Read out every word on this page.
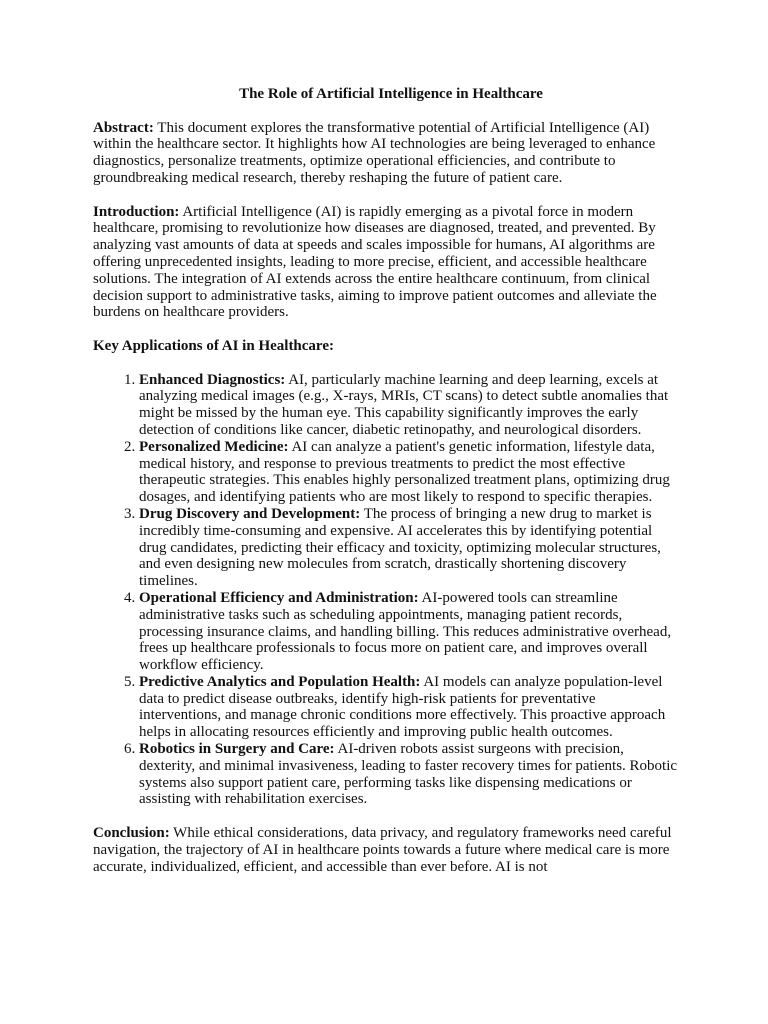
The Role of Artificial Intelligence in Healthcare

Abstract: This document explores the transformative potential of Artificial Intelligence (AI) within the healthcare sector. It highlights how AI technologies are being leveraged to enhance diagnostics, personalize treatments, optimize operational efficiencies, and contribute to groundbreaking medical research, thereby reshaping the future of patient care.

Introduction: Artificial Intelligence (AI) is rapidly emerging as a pivotal force in modern healthcare, promising to revolutionize how diseases are diagnosed, treated, and prevented. By analyzing vast amounts of data at speeds and scales impossible for humans, AI algorithms are offering unprecedented insights, leading to more precise, efficient, and accessible healthcare solutions. The integration of AI extends across the entire healthcare continuum, from clinical decision support to administrative tasks, aiming to improve patient outcomes and alleviate the burdens on healthcare providers.

Key Applications of AI in Healthcare:
1. Enhanced Diagnostics: AI, particularly machine learning and deep learning, excels at analyzing medical images (e.g., X-rays, MRIs, CT scans) to detect subtle anomalies that might be missed by the human eye. This capability significantly improves the early detection of conditions like cancer, diabetic retinopathy, and neurological disorders.
2. Personalized Medicine: AI can analyze a patient's genetic information, lifestyle data, medical history, and response to previous treatments to predict the most effective therapeutic strategies. This enables highly personalized treatment plans, optimizing drug dosages, and identifying patients who are most likely to respond to specific therapies.
3. Drug Discovery and Development: The process of bringing a new drug to market is incredibly time-consuming and expensive. AI accelerates this by identifying potential drug candidates, predicting their efficacy and toxicity, optimizing molecular structures, and even designing new molecules from scratch, drastically shortening discovery timelines.
4. Operational Efficiency and Administration: AI-powered tools can streamline administrative tasks such as scheduling appointments, managing patient records, processing insurance claims, and handling billing. This reduces administrative overhead, frees up healthcare professionals to focus more on patient care, and improves overall workflow efficiency.
5. Predictive Analytics and Population Health: AI models can analyze population-level data to predict disease outbreaks, identify high-risk patients for preventative interventions, and manage chronic conditions more effectively. This proactive approach helps in allocating resources efficiently and improving public health outcomes.
6. Robotics in Surgery and Care: AI-driven robots assist surgeons with precision, dexterity, and minimal invasiveness, leading to faster recovery times for patients. Robotic systems also support patient care, performing tasks like dispensing medications or assisting with rehabilitation exercises.

Conclusion: While ethical considerations, data privacy, and regulatory frameworks need careful navigation, the trajectory of AI in healthcare points towards a future where medical care is more accurate, individualized, efficient, and accessible than ever before. AI is not
